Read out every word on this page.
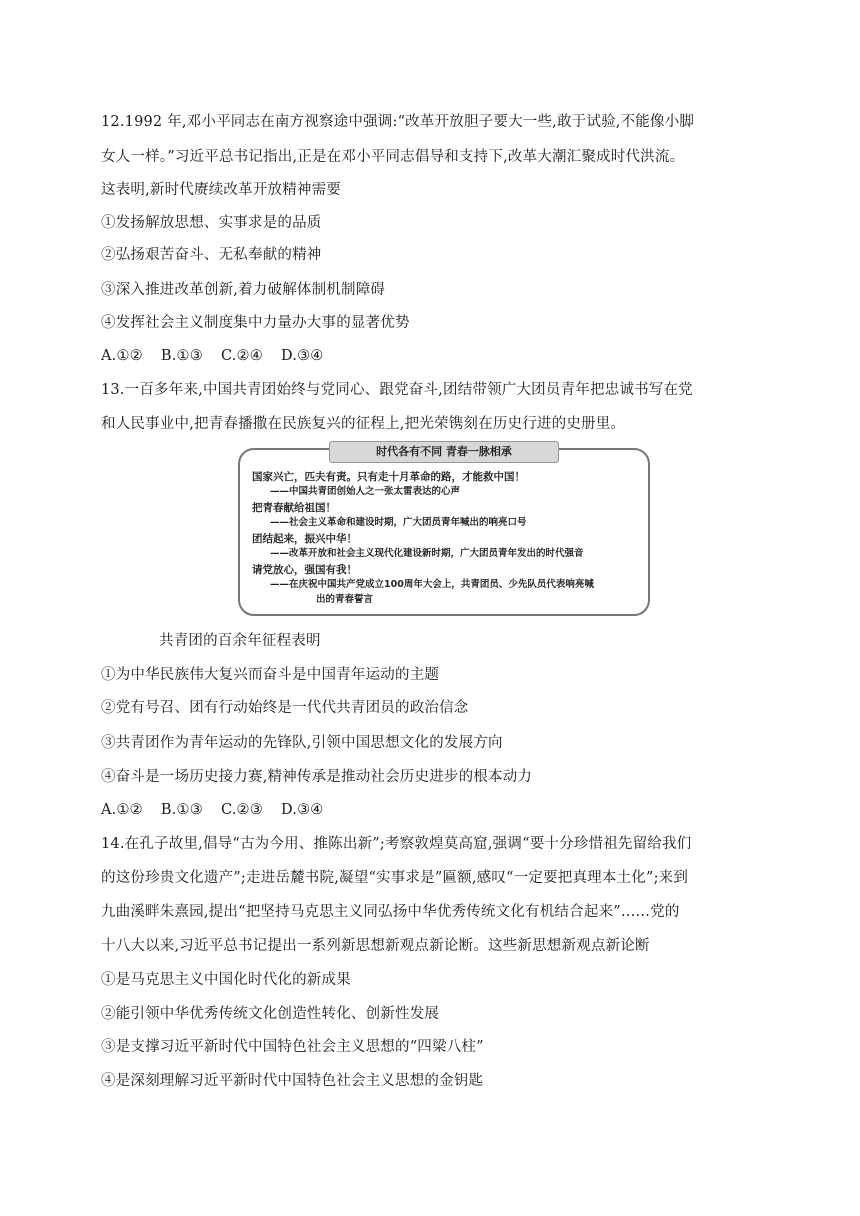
12.1992 年,邓小平同志在南方视察途中强调:“改革开放胆子要大一些,敢于试验,不能像小脚
女人一样。”习近平总书记指出,正是在邓小平同志倡导和支持下,改革大潮汇聚成时代洪流。
这表明,新时代赓续改革开放精神需要
①发扬解放思想、实事求是的品质
②弘扬艰苦奋斗、无私奉献的精神
③深入推进改革创新,着力破解体制机制障碍
④发挥社会主义制度集中力量办大事的显著优势
A.①② B.①③ C.②④ D.③④
13.一百多年来,中国共青团始终与党同心、跟党奋斗,团结带领广大团员青年把忠诚书写在党
和人民事业中,把青春播撒在民族复兴的征程上,把光荣镌刻在历史行进的史册里。
时代各有不同 青春一脉相承
国家兴亡，匹夫有责。只有走十月革命的路，才能救中国！
——中国共青团创始人之一张太雷表达的心声
把青春献给祖国！
——社会主义革命和建设时期，广大团员青年喊出的响亮口号
团结起来，振兴中华！
——改革开放和社会主义现代化建设新时期，广大团员青年发出的时代强音
请党放心，强国有我！
——在庆祝中国共产党成立100周年大会上，共青团员、少先队员代表响亮喊
出的青春誓言
共青团的百余年征程表明
①为中华民族伟大复兴而奋斗是中国青年运动的主题
②党有号召、团有行动始终是一代代共青团员的政治信念
③共青团作为青年运动的先锋队,引领中国思想文化的发展方向
④奋斗是一场历史接力赛,精神传承是推动社会历史进步的根本动力
A.①② B.①③ C.②③ D.③④
14.在孔子故里,倡导“古为今用、推陈出新”;考察敦煌莫高窟,强调“要十分珍惜祖先留给我们
的这份珍贵文化遗产”;走进岳麓书院,凝望“实事求是”匾额,感叹“一定要把真理本土化”;来到
九曲溪畔朱熹园,提出“把坚持马克思主义同弘扬中华优秀传统文化有机结合起来”……党的
十八大以来,习近平总书记提出一系列新思想新观点新论断。这些新思想新观点新论断
①是马克思主义中国化时代化的新成果
②能引领中华优秀传统文化创造性转化、创新性发展
③是支撑习近平新时代中国特色社会主义思想的“四梁八柱”
④是深刻理解习近平新时代中国特色社会主义思想的金钥匙
